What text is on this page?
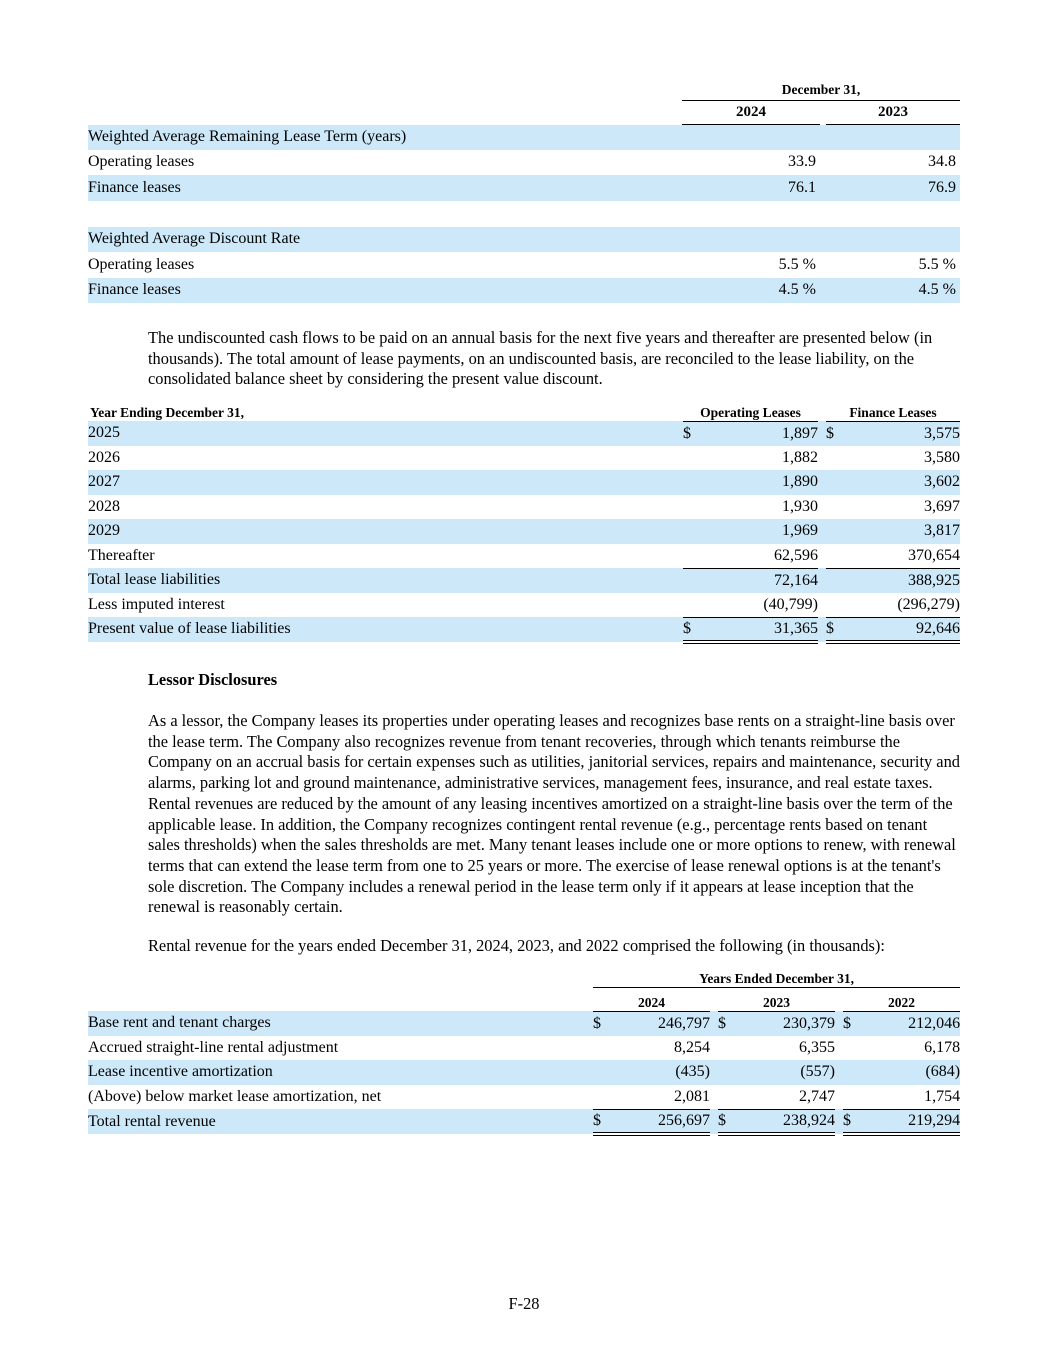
	December 31,		
	2024		2023
Weighted Average Remaining Lease Term (years)			
Operating leases	33.9		34.8
Finance leases	76.1		76.9

Weighted Average Discount Rate			
Operating leases	5.5 %		5.5 %
Finance leases	4.5 %		4.5 %

The undiscounted cash flows to be paid on an annual basis for the next five years and thereafter are presented below (in thousands). The total amount of lease payments, on an undiscounted basis, are reconciled to the lease liability, on the consolidated balance sheet by considering the present value discount.

Year Ending December 31,	Operating Leases			Finance Leases	
2025	$	1,897		$	3,575
2026		1,882			3,580
2027		1,890			3,602
2028		1,930			3,697
2029		1,969			3,817
Thereafter		62,596			370,654
Total lease liabilities		72,164			388,925
Less imputed interest		(40,799)			(296,279)
Present value of lease liabilities	$	31,365		$	92,646
Lessor Disclosures

As a lessor, the Company leases its properties under operating leases and recognizes base rents on a straight-line basis over the lease term. The Company also recognizes revenue from tenant recoveries, through which tenants reimburse the Company on an accrual basis for certain expenses such as utilities, janitorial services, repairs and maintenance, security and alarms, parking lot and ground maintenance, administrative services, management fees, insurance, and real estate taxes. Rental revenues are reduced by the amount of any leasing incentives amortized on a straight-line basis over the term of the applicable lease. In addition, the Company recognizes contingent rental revenue (e.g., percentage rents based on tenant sales thresholds) when the sales thresholds are met. Many tenant leases include one or more options to renew, with renewal terms that can extend the lease term from one to 25 years or more. The exercise of lease renewal options is at the tenant's sole discretion. The Company includes a renewal period in the lease term only if it appears at lease inception that the renewal is reasonably certain.

Rental revenue for the years ended December 31, 2024, 2023, and 2022 comprised the following (in thousands):

	Years Ended December 31,							
	2024			2023			2022	
Base rent and tenant charges	$	246,797		$	230,379		$	212,046
Accrued straight-line rental adjustment		8,254			6,355			6,178
Lease incentive amortization		(435)			(557)			(684)
(Above) below market lease amortization, net		2,081			2,747			1,754
Total rental revenue	$	256,697		$	238,924		$	219,294
F-28
